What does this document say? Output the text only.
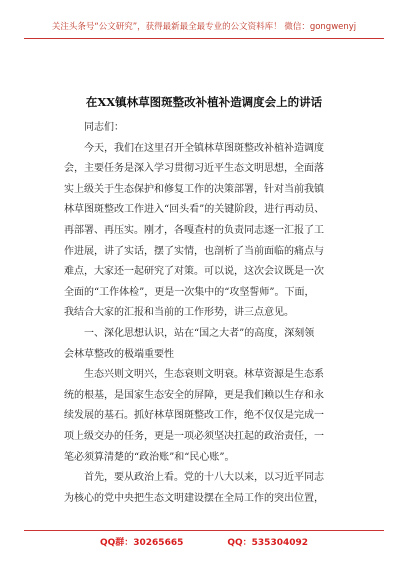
关注头条号“公文研究”，获得最新最全最专业的公文资料库！ 微信：gongwenyj
在XX镇林草图斑整改补植补造调度会上的讲话

同志们：

今天，我们在这里召开全镇林草图斑整改补植补造调度

会，主要任务是深入学习贯彻习近平生态文明思想，全面落

实上级关于生态保护和修复工作的决策部署，针对当前我镇

林草图斑整改工作进入“回头看”的关键阶段，进行再动员、

再部署、再压实。刚才，各嘎查村的负责同志逐一汇报了工

作进展，讲了实话，摆了实情，也剖析了当前面临的痛点与

难点，大家还一起研究了对策。可以说，这次会议既是一次

全面的“工作体检”，更是一次集中的“攻坚誓师”。下面，

我结合大家的汇报和当前的工作形势，讲三点意见。

一、深化思想认识，站在“国之大者”的高度，深刻领

会林草整改的极端重要性

生态兴则文明兴，生态衰则文明衰。林草资源是生态系

统的根基，是国家生态安全的屏障，更是我们赖以生存和永

续发展的基石。抓好林草图斑整改工作，绝不仅仅是完成一

项上级交办的任务，更是一项必须坚决扛起的政治责任，一

笔必须算清楚的“政治账”和“民心账”。

首先，要从政治上看。党的十八大以来，以习近平同志

为核心的党中央把生态文明建设摆在全局工作的突出位置，

QQ群：30265665	QQ：535304092
